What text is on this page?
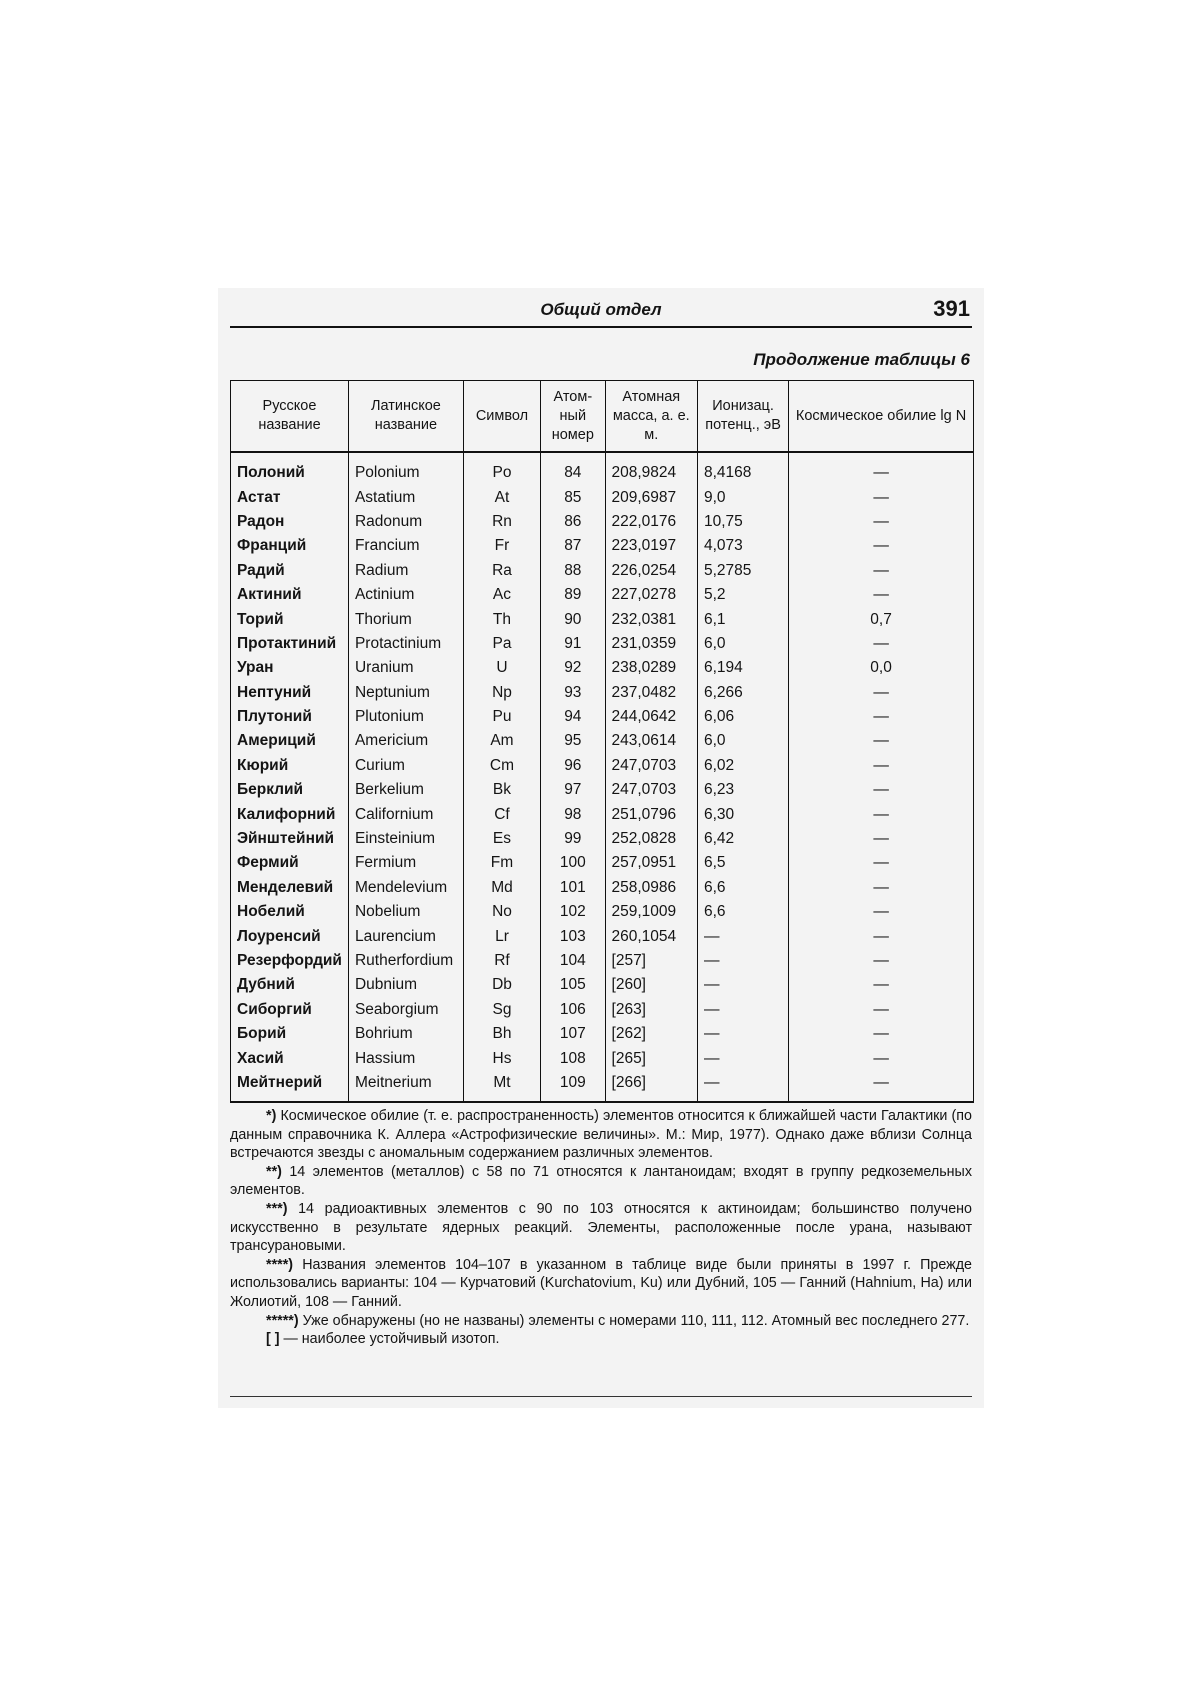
Общий отдел	391
Продолжение таблицы 6
Русское название	Латинское название	Символ	Атом- ный номер	Атомная масса, а. е. м.	Ионизац. потенц., эВ	Космическое обилие lg N
Полоний	Polonium	Po	84	208,9824	8,4168	—
Астат	Astatium	At	85	209,6987	9,0	—
Радон	Radonum	Rn	86	222,0176	10,75	—
Франций	Francium	Fr	87	223,0197	4,073	—
Радий	Radium	Ra	88	226,0254	5,2785	—
Актиний	Actinium	Ac	89	227,0278	5,2	—
Торий	Thorium	Th	90	232,0381	6,1	0,7
Протактиний	Protactinium	Pa	91	231,0359	6,0	—
Уран	Uranium	U	92	238,0289	6,194	0,0
Нептуний	Neptunium	Np	93	237,0482	6,266	—
Плутоний	Plutonium	Pu	94	244,0642	6,06	—
Америций	Americium	Am	95	243,0614	6,0	—
Кюрий	Curium	Cm	96	247,0703	6,02	—
Берклий	Berkelium	Bk	97	247,0703	6,23	—
Калифорний	Californium	Cf	98	251,0796	6,30	—
Эйнштейний	Einsteinium	Es	99	252,0828	6,42	—
Фермий	Fermium	Fm	100	257,0951	6,5	—
Менделевий	Mendelevium	Md	101	258,0986	6,6	—
Нобелий	Nobelium	No	102	259,1009	6,6	—
Лоуренсий	Laurencium	Lr	103	260,1054	—	—
Резерфордий	Rutherfordium	Rf	104	[257]	—	—
Дубний	Dubnium	Db	105	[260]	—	—
Сиборгий	Seaborgium	Sg	106	[263]	—	—
Борий	Bohrium	Bh	107	[262]	—	—
Хасий	Hassium	Hs	108	[265]	—	—
Мейтнерий	Meitnerium	Mt	109	[266]	—	—

*) Космическое обилие (т. е. распространенность) элементов относится к ближайшей части Галактики (по данным справочника К. Аллера «Астрофизические величины». М.: Мир, 1977). Однако даже вблизи Солнца встречаются звезды с аномальным содержанием различных элементов.

**) 14 элементов (металлов) с 58 по 71 относятся к лантаноидам; входят в группу редкоземельных элементов.

***) 14 радиоактивных элементов с 90 по 103 относятся к актиноидам; большинство получено искусственно в результате ядерных реакций. Элементы, расположенные после урана, называют трансурановыми.

****) Названия элементов 104–107 в указанном в таблице виде были приняты в 1997 г. Прежде использовались варианты: 104 — Курчатовий (Kurchatovium, Ku) или Дубний, 105 — Ганний (Hahnium, Ha) или Жолиотий, 108 — Ганний.

*****) Уже обнаружены (но не названы) элементы с номерами 110, 111, 112. Атомный вес последнего 277.

[ ] — наиболее устойчивый изотоп.
